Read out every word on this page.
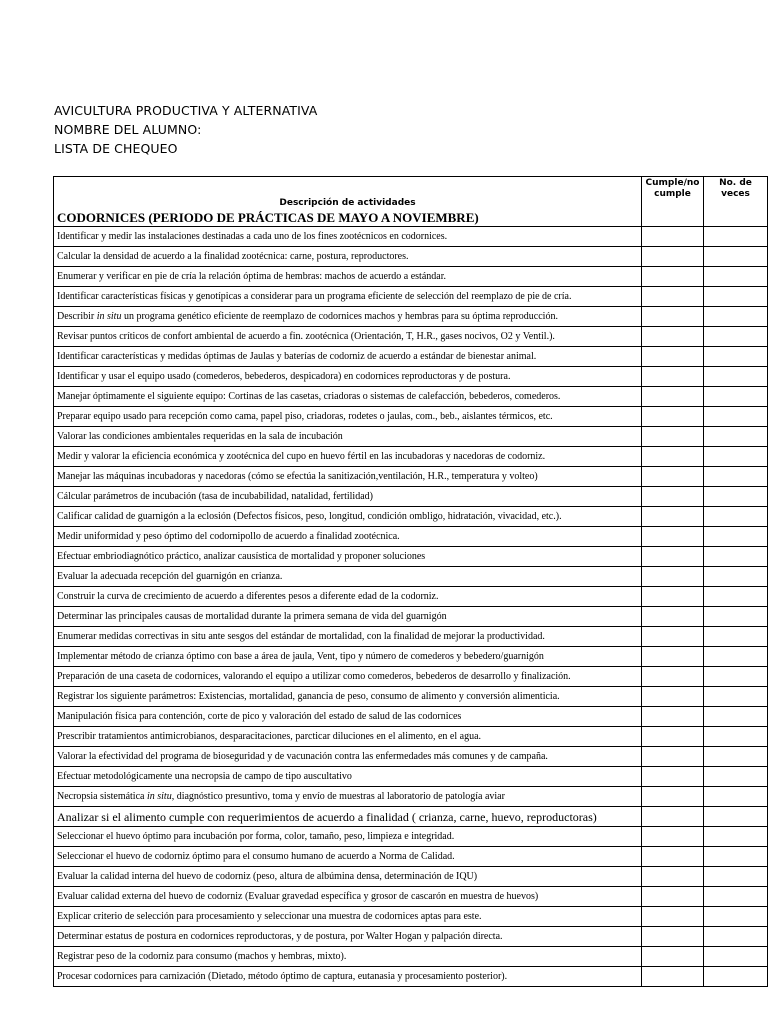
AVICULTURA PRODUCTIVA Y ALTERNATIVA
NOMBRE DEL ALUMNO:
LISTA DE CHEQUEO
Descripción de actividades	Cumple/no cumple	No. de veces
CODORNICES (PERIODO DE PRÁCTICAS DE MAYO A NOVIEMBRE)		
Identificar y medir las instalaciones destinadas a cada uno de los fines zootécnicos en codornices.		
Calcular la densidad de acuerdo a la finalidad zootécnica: carne, postura, reproductores.		
Enumerar y verificar en pie de cría la relación óptima de hembras: machos de acuerdo a estándar.		
Identificar características físicas y genotípicas a considerar para un programa eficiente de selección del reemplazo de pie de cría.		
Describir in situ un programa genético eficiente de reemplazo de codornices machos y hembras para su óptima reproducción.		
Revisar puntos críticos de confort ambiental de acuerdo a fin. zootécnica (Orientación, T, H.R., gases nocivos, O2 y Ventil.).		
Identificar características y medidas óptimas de Jaulas y baterías de codorniz de acuerdo a estándar de bienestar animal.		
Identificar y usar el equipo usado (comederos, bebederos, despicadora) en codornices reproductoras y de postura.		
Manejar óptimamente el siguiente equipo: Cortinas de las casetas, criadoras o sistemas de calefacción, bebederos, comederos.		
Preparar equipo usado para recepción como cama, papel piso, criadoras, rodetes o jaulas, com., beb., aislantes térmicos, etc.		
Valorar las condiciones ambientales requeridas en la sala de incubación		
Medir y valorar la eficiencia económica y zootécnica del cupo en huevo fértil en las incubadoras y nacedoras de codorniz.		
Manejar las máquinas incubadoras y nacedoras (cómo se efectúa la sanitización,ventilación, H.R., temperatura y volteo)		
Cálcular parámetros de incubación (tasa de incubabilidad, natalidad, fertilidad)		
Calificar calidad de guarnigón a la eclosión (Defectos físicos, peso, longitud, condición ombligo, hidratación, vivacidad, etc.).		
Medir uniformidad y peso óptimo del codornipollo de acuerdo a finalidad zootécnica.		
Efectuar embriodiagnótico práctico, analizar causística de mortalidad y proponer soluciones		
Evaluar la adecuada recepción del guarnigón en crianza.		
Construir la curva de crecimiento de acuerdo a diferentes pesos a diferente edad de la codorniz.		
Determinar las principales causas de mortalidad durante la primera semana de vida del guarnigón		
Enumerar medidas correctivas in situ ante sesgos del estándar de mortalidad, con la finalidad de mejorar la productividad.		
Implementar método de crianza óptimo con base a área de jaula, Vent, tipo y número de comederos y bebedero/guarnigón		
Preparación de una caseta de codornices, valorando el equipo a utilizar como comederos, bebederos de desarrollo y finalización.		
Registrar los siguiente parámetros: Existencias, mortalidad, ganancia de peso, consumo de alimento y conversión alimenticia.		
Manipulación física para contención, corte de pico y valoración del estado de salud de las codornices		
Prescribir tratamientos antimicrobianos, desparacitaciones, parcticar diluciones en el alimento, en el agua.		
Valorar la efectividad del programa de bioseguridad y de vacunación contra las enfermedades más comunes y de campaña.		
Efectuar metodológicamente una necropsia de campo de tipo auscultativo		
Necropsia sistemática in situ, diagnóstico presuntivo, toma y envío de muestras al laboratorio de patología aviar		
Analizar si el alimento cumple con requerimientos de acuerdo a finalidad ( crianza, carne, huevo, reproductoras)		
Seleccionar el huevo óptimo para incubación por forma, color, tamaño, peso, limpieza e integridad.		
Seleccionar el huevo de codorniz óptimo para el consumo humano de acuerdo a Norma de Calidad.		
Evaluar la calidad interna del huevo de codorniz (peso, altura de albúmina densa, determinación de IQU)		
Evaluar calidad externa del huevo de codorniz (Evaluar gravedad específica y grosor de cascarón en muestra de huevos)		
Explicar criterio de selección para procesamiento y seleccionar una muestra de codornices aptas para este.		
Determinar estatus de postura en codornices reproductoras, y de postura, por Walter Hogan y palpación directa.		
Registrar peso de la codorniz para consumo (machos y hembras, mixto).		
Procesar codornices para carnización (Dietado, método óptimo de captura, eutanasia y procesamiento posterior).		
